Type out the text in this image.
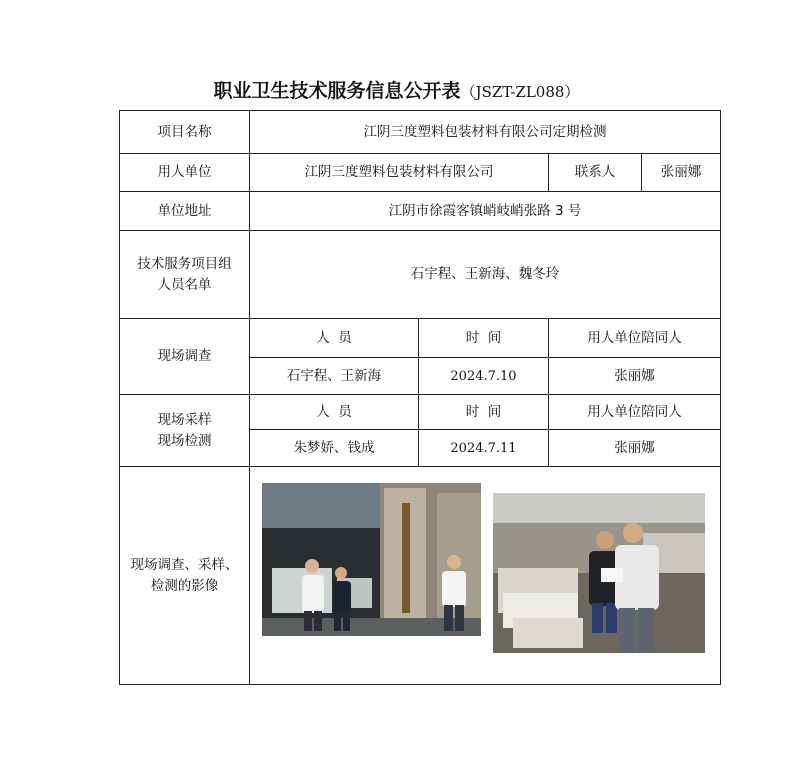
职业卫生技术服务信息公开表（JSZT-ZL088）
项目名称	江阴三度塑料包装材料有限公司定期检测			
用人单位	江阴三度塑料包装材料有限公司		联系人	张丽娜
单位地址	江阴市徐霞客镇峭岐峭张路 3 号			

技术服务项目组
人员名单	石宇程、王新海、魏冬玲			
现场调查	人  员	时  间	用人单位陪同人	
	石宇程、王新海	2024.7.10	张丽娜	

现场采样
现场检测	人  员	时  间	用人单位陪同人	
	朱梦娇、钱成	2024.7.11	张丽娜	

现场调查、采样、
检测的影像
